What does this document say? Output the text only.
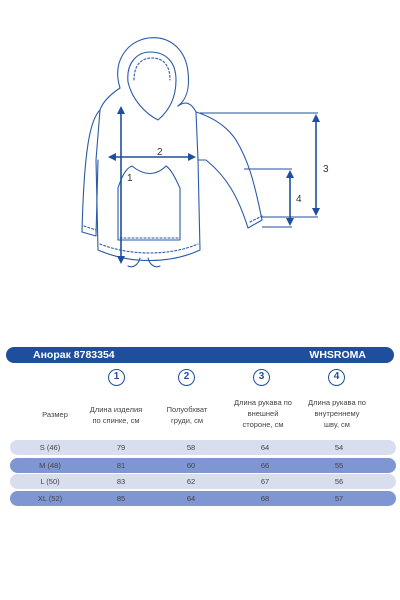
1
2
3
4
Анорак 8783354	WHSROMA
1	2	3	4
Размер
Длина изделия
по спинке, см
Полуобхват
груди, см
Длина рукава по
внешней
стороне, см
Длина рукава по
внутреннему
шву, см
S (46)	79	58	64	54
M (48)	81	60	66	55
L (50)	83	62	67	56
XL (52)	85	64	68	57
